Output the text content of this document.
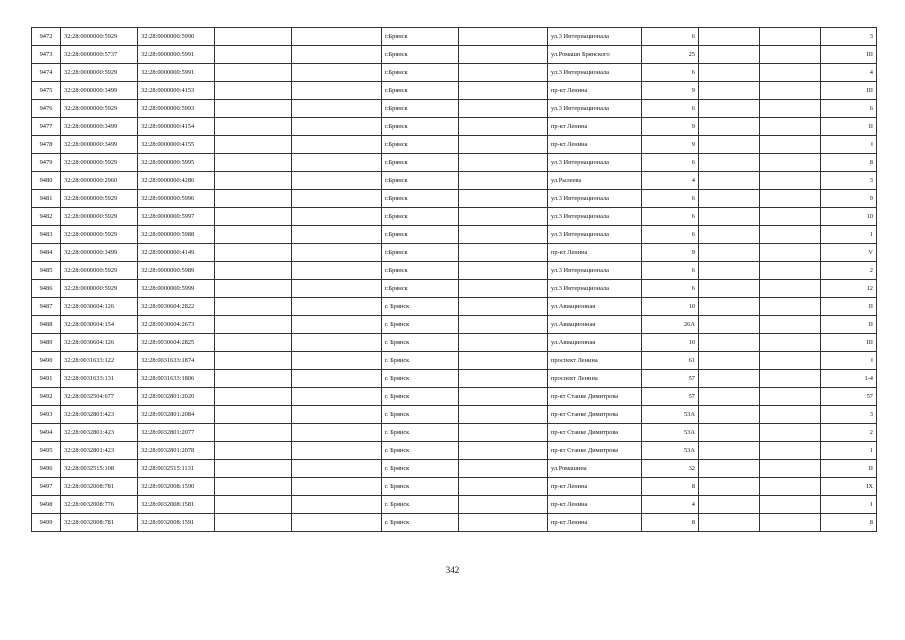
9472	32:28:0000000:5929	32:28:0000000:5990			г.Брянск		ул.3 Интернационала	6			3
9473	32:28:0000000:5737	32:28:0000000:5991			г.Брянск		ул.Ромашн Брянского	25			III
9474	32:28:0000000:5929	32:28:0000000:5991			г.Брянск		ул.3 Интернационала	6			4
9475	32:28:0000000:3499	32:28:0000000:4153			г.Брянск		пр-кт Ленина	9			III
9476	32:28:0000000:5929	32:28:0000000:5993			г.Брянск		ул.3 Интернационала	6			6
9477	32:28:0000000:3499	32:28:0000000:4154			г.Брянск		пр-кт Ленина	9			II
9478	32:28:0000000:3499	32:28:0000000:4155			г.Брянск		пр-кт Ленина	9			I
9479	32:28:0000000:5929	32:28:0000000:5995			г.Брянск		ул.3 Интернационала	6			8
9480	32:28:0000000:2960	32:28:0000000:4286			г.Брянск		ул.Рылеева	4			3
9481	32:28:0000000:5929	32:28:0000000:5996			г.Брянск		ул.3 Интернационала	6			9
9482	32:28:0000000:5929	32:28:0000000:5997			г.Брянск		ул.3 Интернационала	6			10
9483	32:28:0000000:5929	32:28:0000000:5988			г.Брянск		ул.3 Интернационала	6			1
9484	32:28:0000000:3499	32:28:0000000:4149			г.Брянск		пр-кт Ленина	9			V
9485	32:28:0000000:5929	32:28:0000000:5989			г.Брянск		ул.3 Интернационала	6			2
9486	32:28:0000000:5929	32:28:0000000:5999			г.Брянск		ул.3 Интернационала	6			12
9487	32:28:0030604:126	32:28:0030604:2822			г. Брянск		ул.Авиационная	10			II
9488	32:28:0030604:154	32:28:0030604:2673			г. Брянск		ул.Авиационная	26А			II
9489	32:28:0030604:126	32:28:0030604:2825			г. Брянск		ул.Авиационная	10			III
9490	32:28:0031633:122	32:28:0031633:1874			г. Брянск		проспект Ленина	61			I
9491	32:28:0031633:131	32:28:0031633:1806			г. Брянск		проспект Ленина	57			1-4
9492	32:28:0032504:677	32:28:0032801:2020			г. Брянск		пр-кт Станке Димитрова	57			57
9493	32:28:0032801:423	32:28:0032801:2084			г. Брянск		пр-кт Станке Димитрова	53А			3
9494	32:28:0032801:423	32:28:0032801:2077			г. Брянск		пр-кт Станке Димитрова	53А			2
9495	32:28:0032801:423	32:28:0032801:2078			г. Брянск		пр-кт Станке Димитрова	53А			1
9496	32:28:0032515:108	32:28:0032515:1131			г. Брянск		ул.Ромашина	32			II
9497	32:28:0032008:781	32:28:0032008:1590			г. Брянск		пр-кт Ленина	8			IX
9498	32:28:0032008:776	32:28:0032008:1581			г. Брянск		пр-кт Ленина	4			1
9499	32:28:0032008:781	32:28:0032008:1591			г. Брянск		пр-кт Ленина	8			8
342
